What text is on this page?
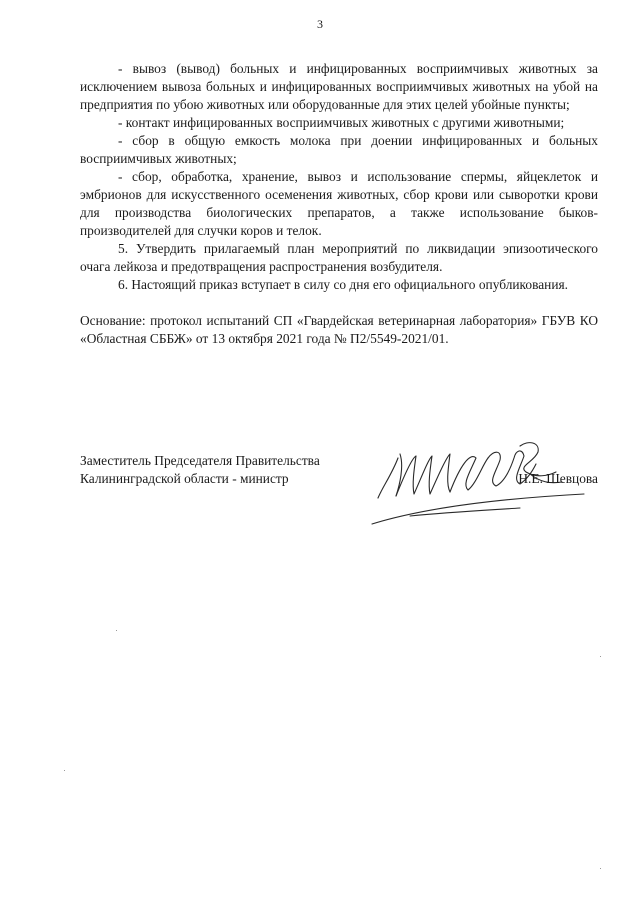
3

- вывоз (вывод) больных и инфицированных восприимчивых животных за исключением вывоза больных и инфицированных восприимчивых животных на убой на предприятия по убою животных или оборудованные для этих целей убойные пункты;

- контакт инфицированных восприимчивых животных с другими животными;

- сбор в общую емкость молока при доении инфицированных и больных восприимчивых животных;

- сбор, обработка, хранение, вывоз и использование спермы, яйцеклеток и эмбрионов для искусственного осеменения животных, сбор крови или сыворотки крови для производства биологических препаратов, а также использование быков-производителей для случки коров и телок.

5. Утвердить прилагаемый план мероприятий по ликвидации эпизоотического очага лейкоза и предотвращения распространения возбудителя.

6. Настоящий приказ вступает в силу со дня его официального опубликования.

Основание: протокол испытаний СП «Гвардейская ветеринарная лаборатория» ГБУВ КО «Областная СББЖ» от 13 октября 2021 года № П2/5549-2021/01.

Заместитель Председателя Правительства
Калининградской области - министр	Н.Е. Шевцова
